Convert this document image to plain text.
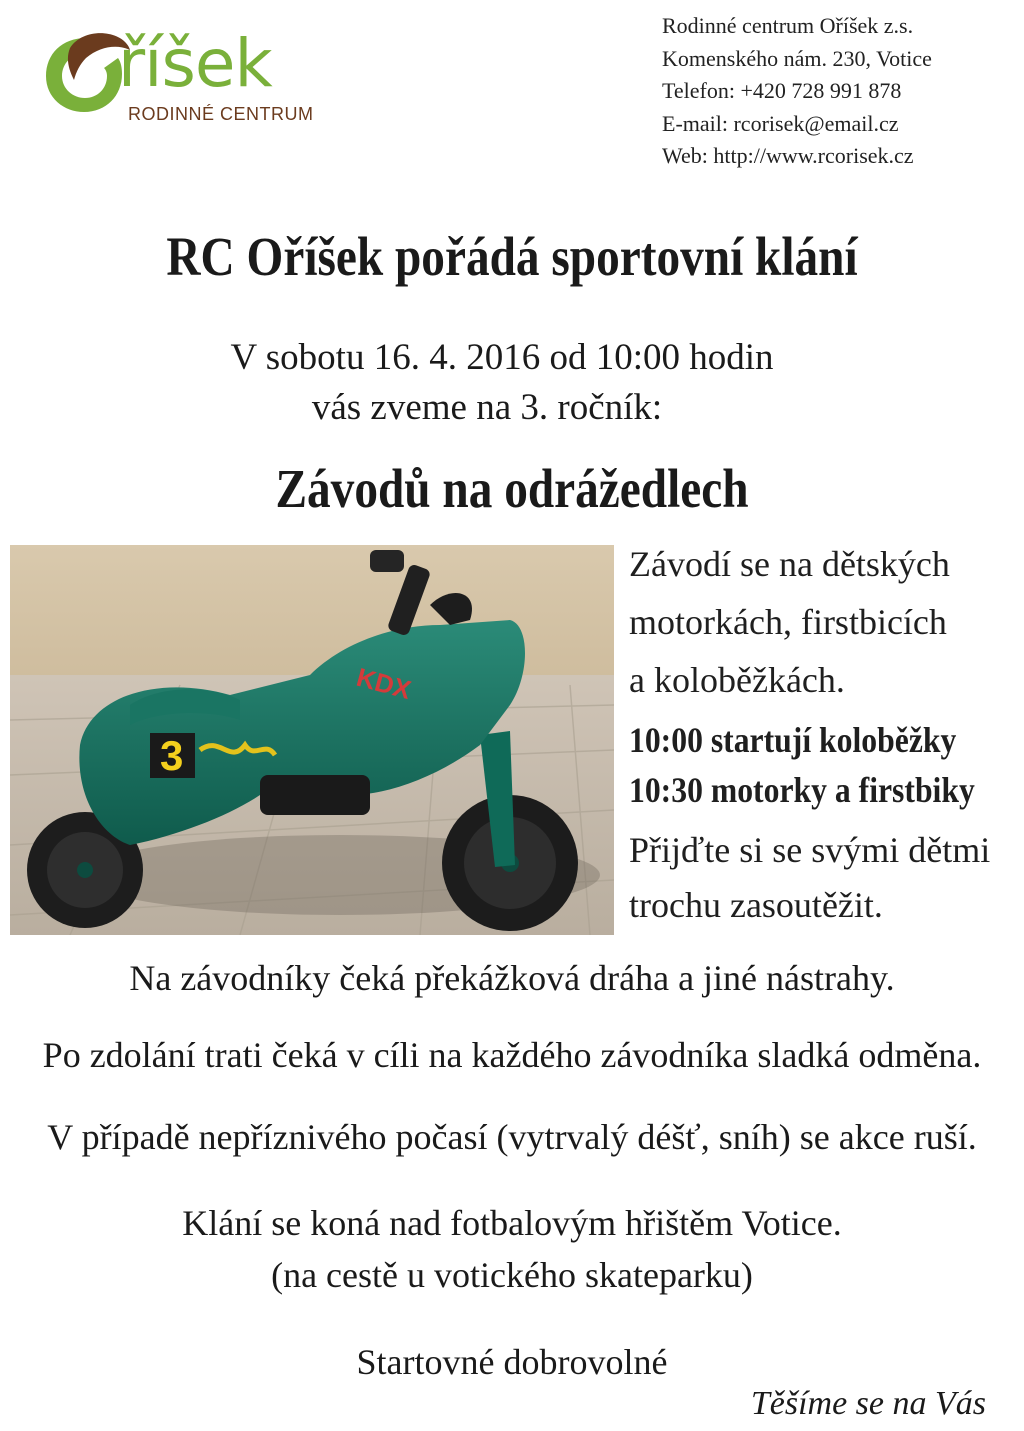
říšek
RODINNÉ CENTRUM
Rodinné centrum Oříšek z.s.
Komenského nám. 230, Votice
Telefon: +420 728 991 878
E-mail: rcorisek@email.cz
Web: http://www.rcorisek.cz
RC Oříšek pořádá sportovní klání
V sobotu 16. 4. 2016 od 10:00 hodin
vás zveme na 3. ročník:
Závodů na odrážedlech
KDX
3
Závodí se na dětských
motorkách, firstbicích
a koloběžkách.
10:00 startují koloběžky
10:30 motorky a firstbiky
Přijďte si se svými dětmi
trochu zasoutěžit.
Na závodníky čeká překážková dráha a jiné nástrahy.
Po zdolání trati čeká v cíli na každého závodníka sladká odměna.
V případě nepříznivého počasí (vytrvalý déšť, sníh) se akce ruší.
Klání se koná nad fotbalovým hřištěm Votice.
(na cestě u votického skateparku)
Startovné dobrovolné
Těšíme se na Vás
